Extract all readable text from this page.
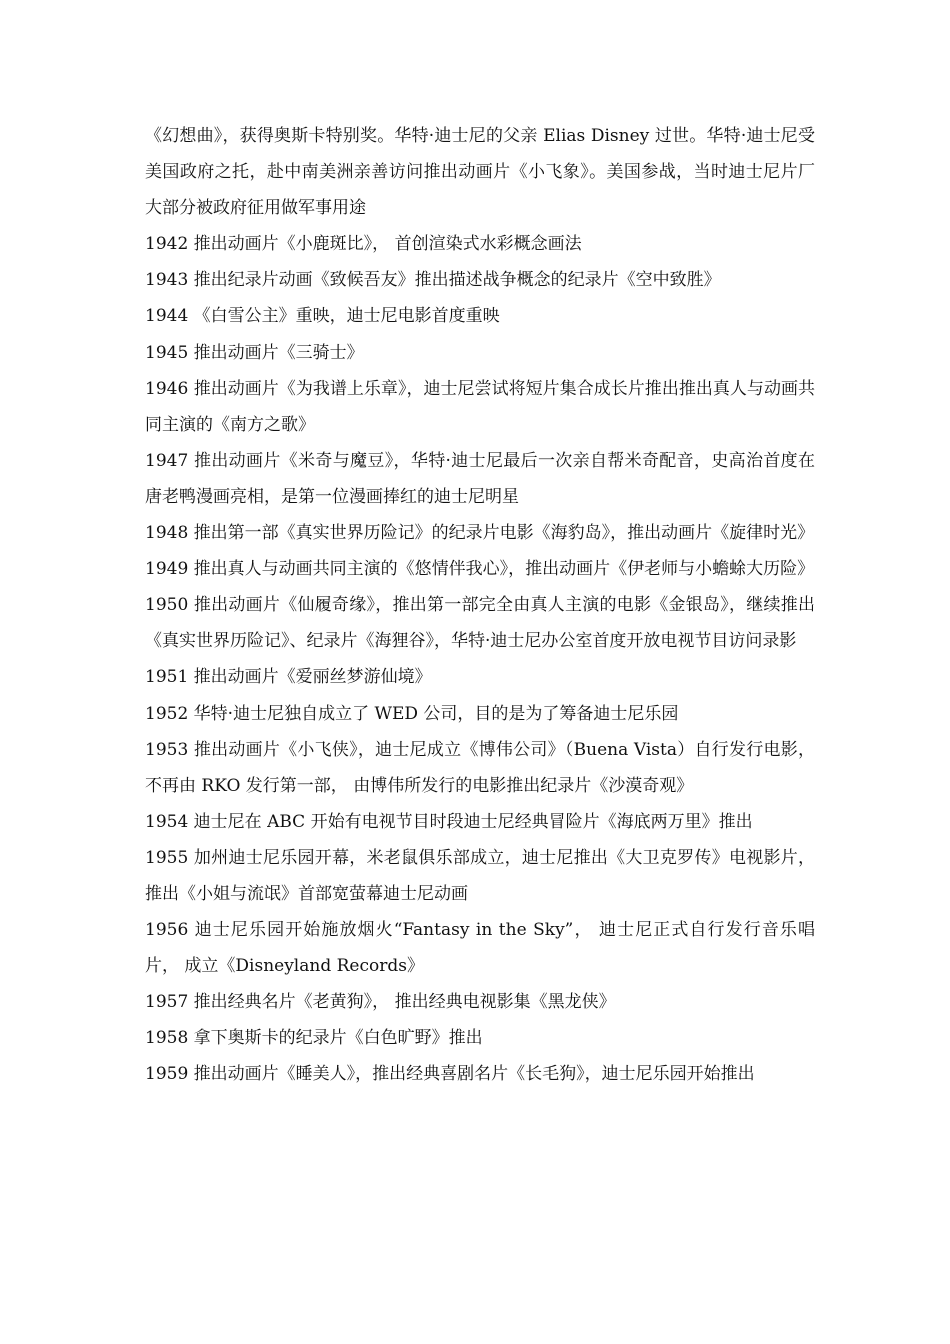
《幻想曲》，获得奥斯卡特别奖。华特·迪士尼的父亲 Elias Disney 过世。华特·迪士尼受美国政府之托，赴中南美洲亲善访问推出动画片《小飞象》。美国参战，当时迪士尼片厂大部分被政府征用做军事用途

1942 推出动画片《小鹿斑比》， 首创渲染式水彩概念画法

1943 推出纪录片动画《致候吾友》推出描述战争概念的纪录片《空中致胜》

1944 《白雪公主》重映，迪士尼电影首度重映

1945 推出动画片《三骑士》

1946 推出动画片《为我谱上乐章》，迪士尼尝试将短片集合成长片推出推出真人与动画共同主演的《南方之歌》

1947 推出动画片《米奇与魔豆》，华特·迪士尼最后一次亲自帮米奇配音，史高治首度在唐老鸭漫画亮相，是第一位漫画捧红的迪士尼明星

1948 推出第一部《真实世界历险记》的纪录片电影《海豹岛》，推出动画片《旋律时光》

1949 推出真人与动画共同主演的《悠情伴我心》，推出动画片《伊老师与小蟾蜍大历险》

1950 推出动画片《仙履奇缘》，推出第一部完全由真人主演的电影《金银岛》，继续推出《真实世界历险记》、纪录片《海狸谷》，华特·迪士尼办公室首度开放电视节目访问录影

1951 推出动画片《爱丽丝梦游仙境》

1952 华特·迪士尼独自成立了 WED 公司，目的是为了筹备迪士尼乐园

1953 推出动画片《小飞侠》，迪士尼成立《博伟公司》（Buena Vista）自行发行电影，不再由 RKO 发行第一部， 由博伟所发行的电影推出纪录片《沙漠奇观》

1954 迪士尼在 ABC 开始有电视节目时段迪士尼经典冒险片《海底两万里》推出

1955 加州迪士尼乐园开幕，米老鼠俱乐部成立，迪士尼推出《大卫克罗传》电视影片， 推出《小姐与流氓》首部宽萤幕迪士尼动画

1956 迪士尼乐园开始施放烟火“Fantasy in the Sky”， 迪士尼正式自行发行音乐唱片， 成立《Disneyland Records》

1957 推出经典名片《老黄狗》， 推出经典电视影集《黑龙侠》

1958 拿下奥斯卡的纪录片《白色旷野》推出

1959 推出动画片《睡美人》，推出经典喜剧名片《长毛狗》，迪士尼乐园开始推出
